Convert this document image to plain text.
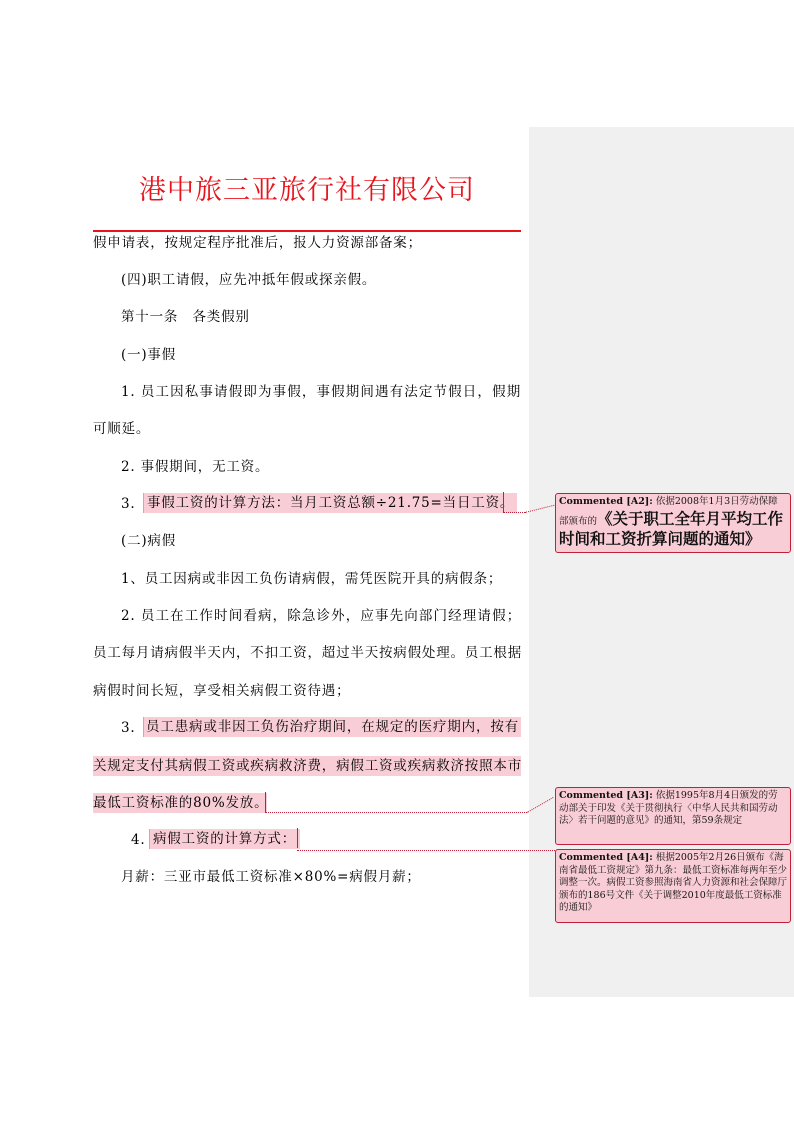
港中旅三亚旅行社有限公司
假申请表，按规定程序批准后，报人力资源部备案；
(四)职工请假，应先冲抵年假或探亲假。
第十一条　各类假别
(一)事假
1. 员工因私事请假即为事假，事假期间遇有法定节假日，假期
可顺延。
2. 事假期间，无工资。
3. 事假工资的计算方法：当月工资总额÷21.75=当日工资。
(二)病假
1、员工因病或非因工负伤请病假，需凭医院开具的病假条；
2. 员工在工作时间看病，除急诊外，应事先向部门经理请假；
员工每月请病假半天内，不扣工资，超过半天按病假处理。员工根据
病假时间长短，享受相关病假工资待遇；
3. 员工患病或非因工负伤治疗期间，在规定的医疗期内，按有
关规定支付其病假工资或疾病救济费，病假工资或疾病救济按照本市
最低工资标准的80%发放。
4. 病假工资的计算方式：
月薪：三亚市最低工资标准×80%=病假月薪；
Commented [A2]: 依据2008年1月3日劳动保障部颁布的《关于职工全年月平均工作时间和工资折算问题的通知》
Commented [A3]: 依据1995年8月4日颁发的劳动部关于印发《关于贯彻执行〈中华人民共和国劳动法〉若干问题的意见》的通知，第59条规定
Commented [A4]: 根据2005年2月26日颁布《海南省最低工资规定》第九条：最低工资标准每两年至少调整一次。病假工资参照海南省人力资源和社会保障厅颁布的186号文件《关于调整2010年度最低工资标准的通知》
